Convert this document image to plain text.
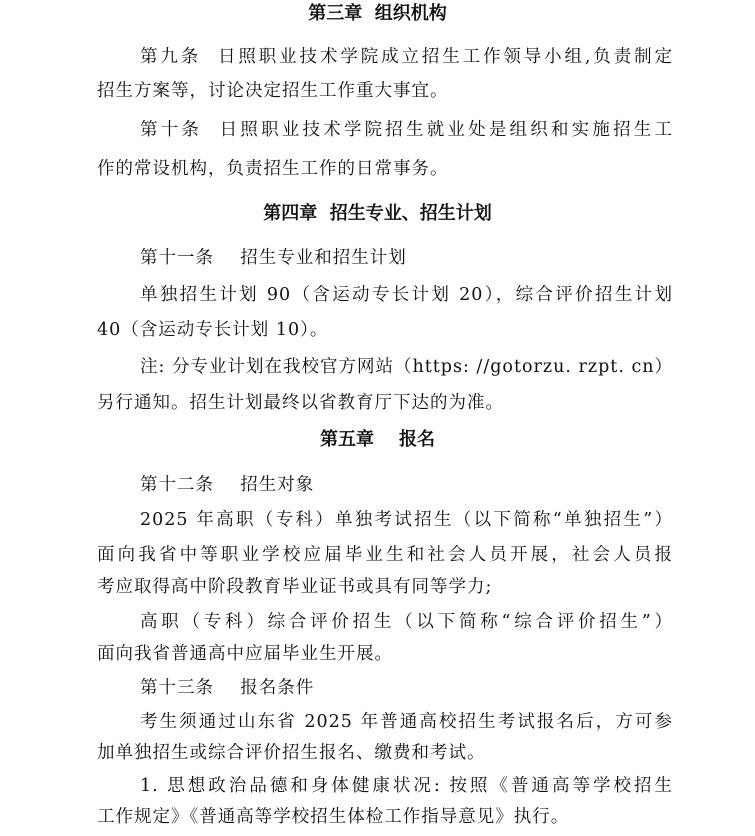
第三章  组织机构
第九条  日照职业技术学院成立招生工作领导小组,负责制定
招生方案等，讨论决定招生工作重大事宜。
第十条  日照职业技术学院招生就业处是组织和实施招生工
作的常设机构，负责招生工作的日常事务。
第四章  招生专业、招生计划
第十一条    招生专业和招生计划
单独招生计划 90（含运动专长计划 20），综合评价招生计划
40（含运动专长计划 10）。
注: 分专业计划在我校官方网站（https: //gotorzu. rzpt. cn）
另行通知。招生计划最终以省教育厅下达的为准。
第五章    报名
第十二条    招生对象
2025 年高职（专科）单独考试招生（以下简称“单独招生”）
面向我省中等职业学校应届毕业生和社会人员开展，社会人员报
考应取得高中阶段教育毕业证书或具有同等学力;
高职（专科）综合评价招生（以下简称“综合评价招生”）
面向我省普通高中应届毕业生开展。
第十三条    报名条件
考生须通过山东省 2025 年普通高校招生考试报名后，方可参
加单独招生或综合评价招生报名、缴费和考试。
1. 思想政治品德和身体健康状况: 按照《普通高等学校招生
工作规定》《普通高等学校招生体检工作指导意见》执行。
